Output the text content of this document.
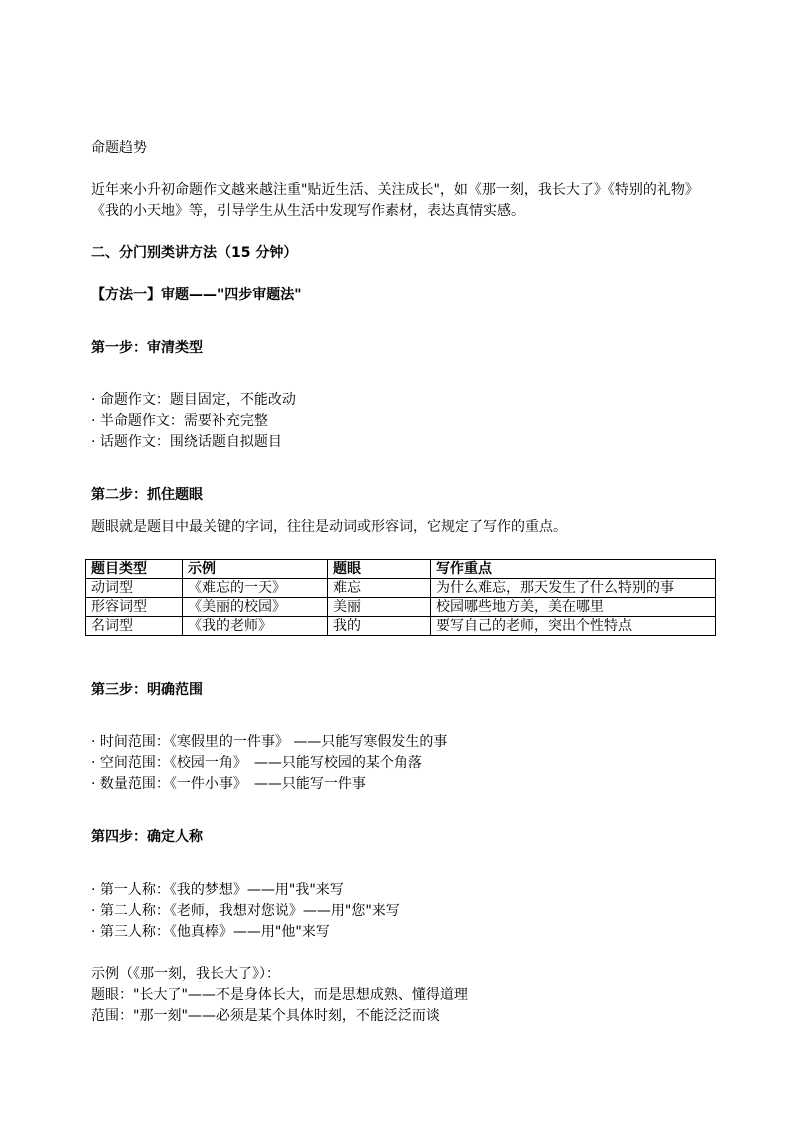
命题趋势
近年来小升初命题作文越来越注重"贴近生活、关注成长"，如《那一刻，我长大了》《特别的礼物》《我的小天地》等，引导学生从生活中发现写作素材，表达真情实感。
二、分门别类讲方法（15 分钟）
【方法一】审题——"四步审题法"
第一步：审清类型
· 命题作文：题目固定，不能改动
· 半命题作文：需要补充完整
· 话题作文：围绕话题自拟题目
第二步：抓住题眼
题眼就是题目中最关键的字词，往往是动词或形容词，它规定了写作的重点。
题目类型	示例	题眼	写作重点
动词型	《难忘的一天》	难忘	为什么难忘，那天发生了什么特别的事
形容词型	《美丽的校园》	美丽	校园哪些地方美，美在哪里
名词型	《我的老师》	我的	要写自己的老师，突出个性特点
第三步：明确范围
· 时间范围：《寒假里的一件事》 ——只能写寒假发生的事
· 空间范围：《校园一角》　——只能写校园的某个角落
· 数量范围：《一件小事》　——只能写一件事
第四步：确定人称
· 第一人称：《我的梦想》——用"我"来写
· 第二人称：《老师，我想对您说》——用"您"来写
· 第三人称：《他真棒》——用"他"来写
示例（《那一刻，我长大了》）：
题眼："长大了"——不是身体长大，而是思想成熟、懂得道理
范围："那一刻"——必须是某个具体时刻，不能泛泛而谈
